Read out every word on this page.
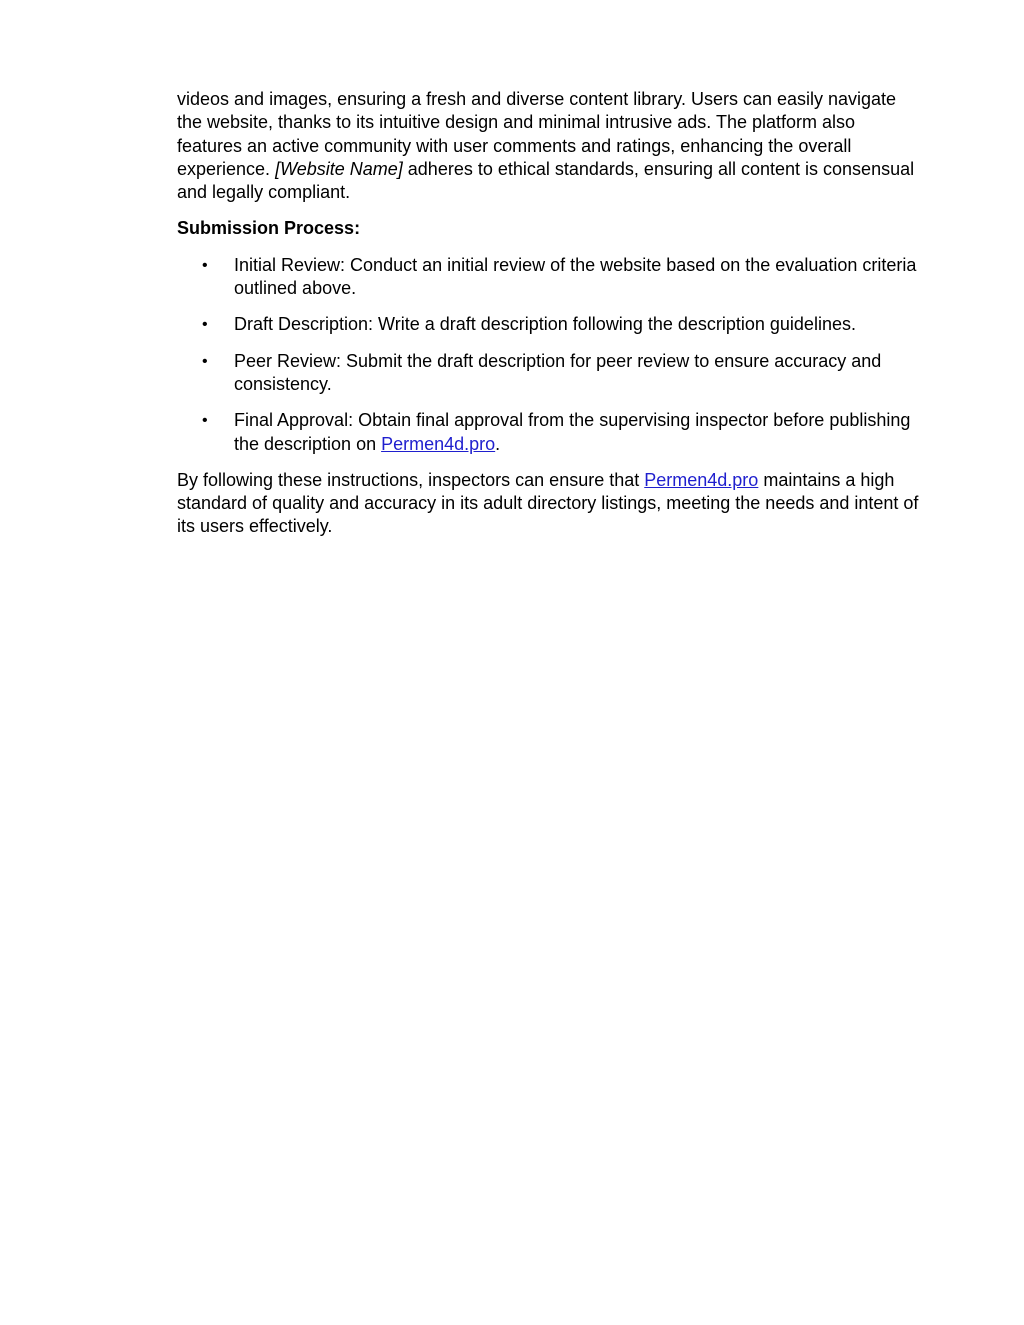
videos and images, ensuring a fresh and diverse content library. Users can easily navigate the website, thanks to its intuitive design and minimal intrusive ads. The platform also features an active community with user comments and ratings, enhancing the overall experience. [Website Name] adheres to ethical standards, ensuring all content is consensual and legally compliant.

Submission Process:

• Initial Review: Conduct an initial review of the website based on the evaluation criteria outlined above.
• Draft Description: Write a draft description following the description guidelines.
• Peer Review: Submit the draft description for peer review to ensure accuracy and consistency.
• Final Approval: Obtain final approval from the supervising inspector before publishing the description on Permen4d.pro.

By following these instructions, inspectors can ensure that Permen4d.pro maintains a high standard of quality and accuracy in its adult directory listings, meeting the needs and intent of its users effectively.
